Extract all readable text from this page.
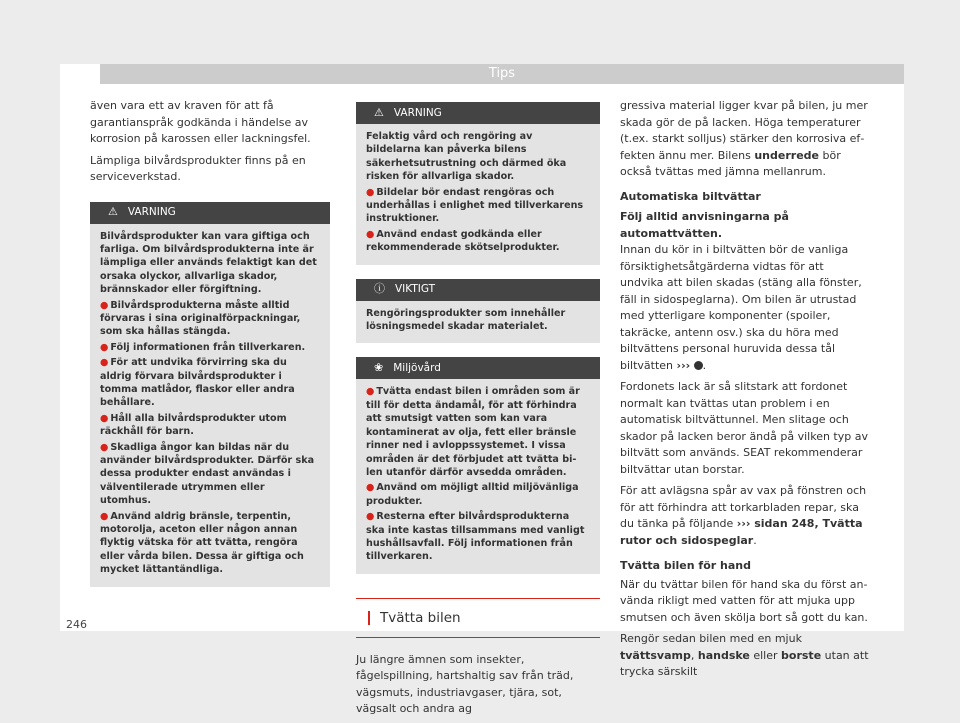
Tips

även vara ett av kraven för att få garantianspråk godkända i händelse av korrosion på karossen eller lackningsfel.

Lämpliga bilvårdsprodukter finns på en serviceverkstad.

⚠ VARNING

Bilvårdsprodukter kan vara giftiga och farliga. Om bilvårdsprodukterna inte är lämpliga eller används felaktigt kan det orsaka olyckor, allvarliga skador, brännskador eller förgiftning.

● Bilvårdsprodukterna måste alltid förvaras i sina originalförpackningar, som ska hållas stängda.

● Följ informationen från tillverkaren.

● För att undvika förvirring ska du aldrig förvara bilvårdsprodukter i tomma matlådor, flaskor eller andra behållare.

● Håll alla bilvårdsprodukter utom räckhåll för barn.

● Skadliga ångor kan bildas när du använder bilvårdsprodukter. Därför ska dessa produkter endast användas i välventilerade utrymmen eller utomhus.

● Använd aldrig bränsle, terpentin, motorolja, aceton eller någon annan flyktig vätska för att tvätta, rengöra eller vårda bilen. Dessa är giftiga och mycket lättantändliga.

⚠ VARNING

Felaktig vård och rengöring av bildelarna kan påverka bilens säkerhetsutrustning och därmed öka risken för allvarliga skador.

● Bildelar bör endast rengöras och underhållas i enlighet med tillverkarens instruktioner.

● Använd endast godkända eller rekommenderade skötselprodukter.

ⓘ VIKTIGT

Rengöringsprodukter som innehåller lösningsmedel skadar materialet.

❀ Miljövård

● Tvätta endast bilen i områden som är till för detta ändamål, för att förhindra att smutsigt vatten som kan vara kontaminerat av olja, fett eller bränsle rinner ned i avloppssystemet. I vissa områden är det förbjudet att tvätta bilen utanför därför avsedda områden.

● Använd om möjligt alltid miljövänliga produkter.

● Resterna efter bilvårdsprodukterna ska inte kastas tillsammans med vanligt hushållsavfall. Följ informationen från tillverkaren.

Tvätta bilen

Ju längre ämnen som insekter, fågelspillning, hartshaltig sav från träd, vägsmuts, industriavgaser, tjära, sot, vägsalt och andra ag

gressiva material ligger kvar på bilen, ju mer skada gör de på lacken. Höga temperaturer (t.ex. starkt solljus) stärker den korrosiva effekten ännu mer. Bilens underrede bör också tvättas med jämna mellanrum.

Automatiska biltvättar

Följ alltid anvisningarna på automattvätten.

Innan du kör in i biltvätten bör de vanliga försiktighetsåtgärderna vidtas för att undvika att bilen skadas (stäng alla fönster, fäll in sidospeglarna). Om bilen är utrustad med ytterligare komponenter (spoiler, takräcke, antenn osv.) ska du höra med biltvättens personal huruvida dessa tål biltvätten ››› .

Fordonets lack är så slitstark att fordonet normalt kan tvättas utan problem i en automatisk biltvättunnel. Men slitage och skador på lacken beror ändå på vilken typ av biltvätt som används. SEAT rekommenderar biltvättar utan borstar.

För att avlägsna spår av vax på fönstren och för att förhindra att torkarbladen repar, ska du tänka på följande ››› sidan 248, Tvätta rutor och sidospeglar.

Tvätta bilen för hand

När du tvättar bilen för hand ska du först använda rikligt med vatten för att mjuka upp smutsen och även skölja bort så gott du kan.

Rengör sedan bilen med en mjuk tvättsvamp, handske eller borste utan att trycka särskilt

246
